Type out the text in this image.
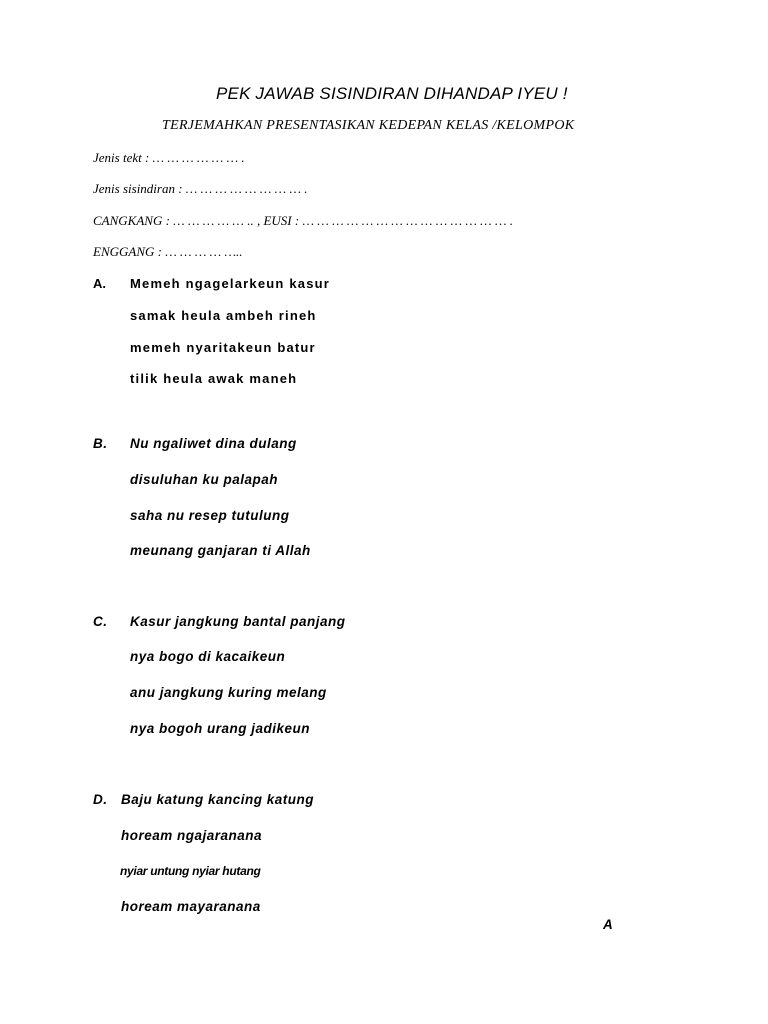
PEK JAWAB SISINDIRAN DIHANDAP IYEU !
TERJEMAHKAN PRESENTASIKAN KEDEPAN KELAS /KELOMPOK
Jenis tekt : … … … … … … .
Jenis sisindiran : … … … … … … … … .
CANGKANG : … … … … … .. , EUSI : … … … … … … … … … … … … … … .
ENGGANG : … … … … …..
A. Memeh ngagelarkeun kasur
samak heula ambeh rineh
memeh nyaritakeun batur
tilik heula awak maneh
B. Nu ngaliwet dina dulang
disuluhan ku palapah
saha nu resep tutulung
meunang ganjaran ti Allah
C. Kasur jangkung bantal panjang
nya bogo di kacaikeun
anu jangkung kuring melang
nya bogoh urang jadikeun
D. Baju katung kancing katung
hoream ngajaranana
nyiar untung nyiar hutang
hoream mayaranana
A
